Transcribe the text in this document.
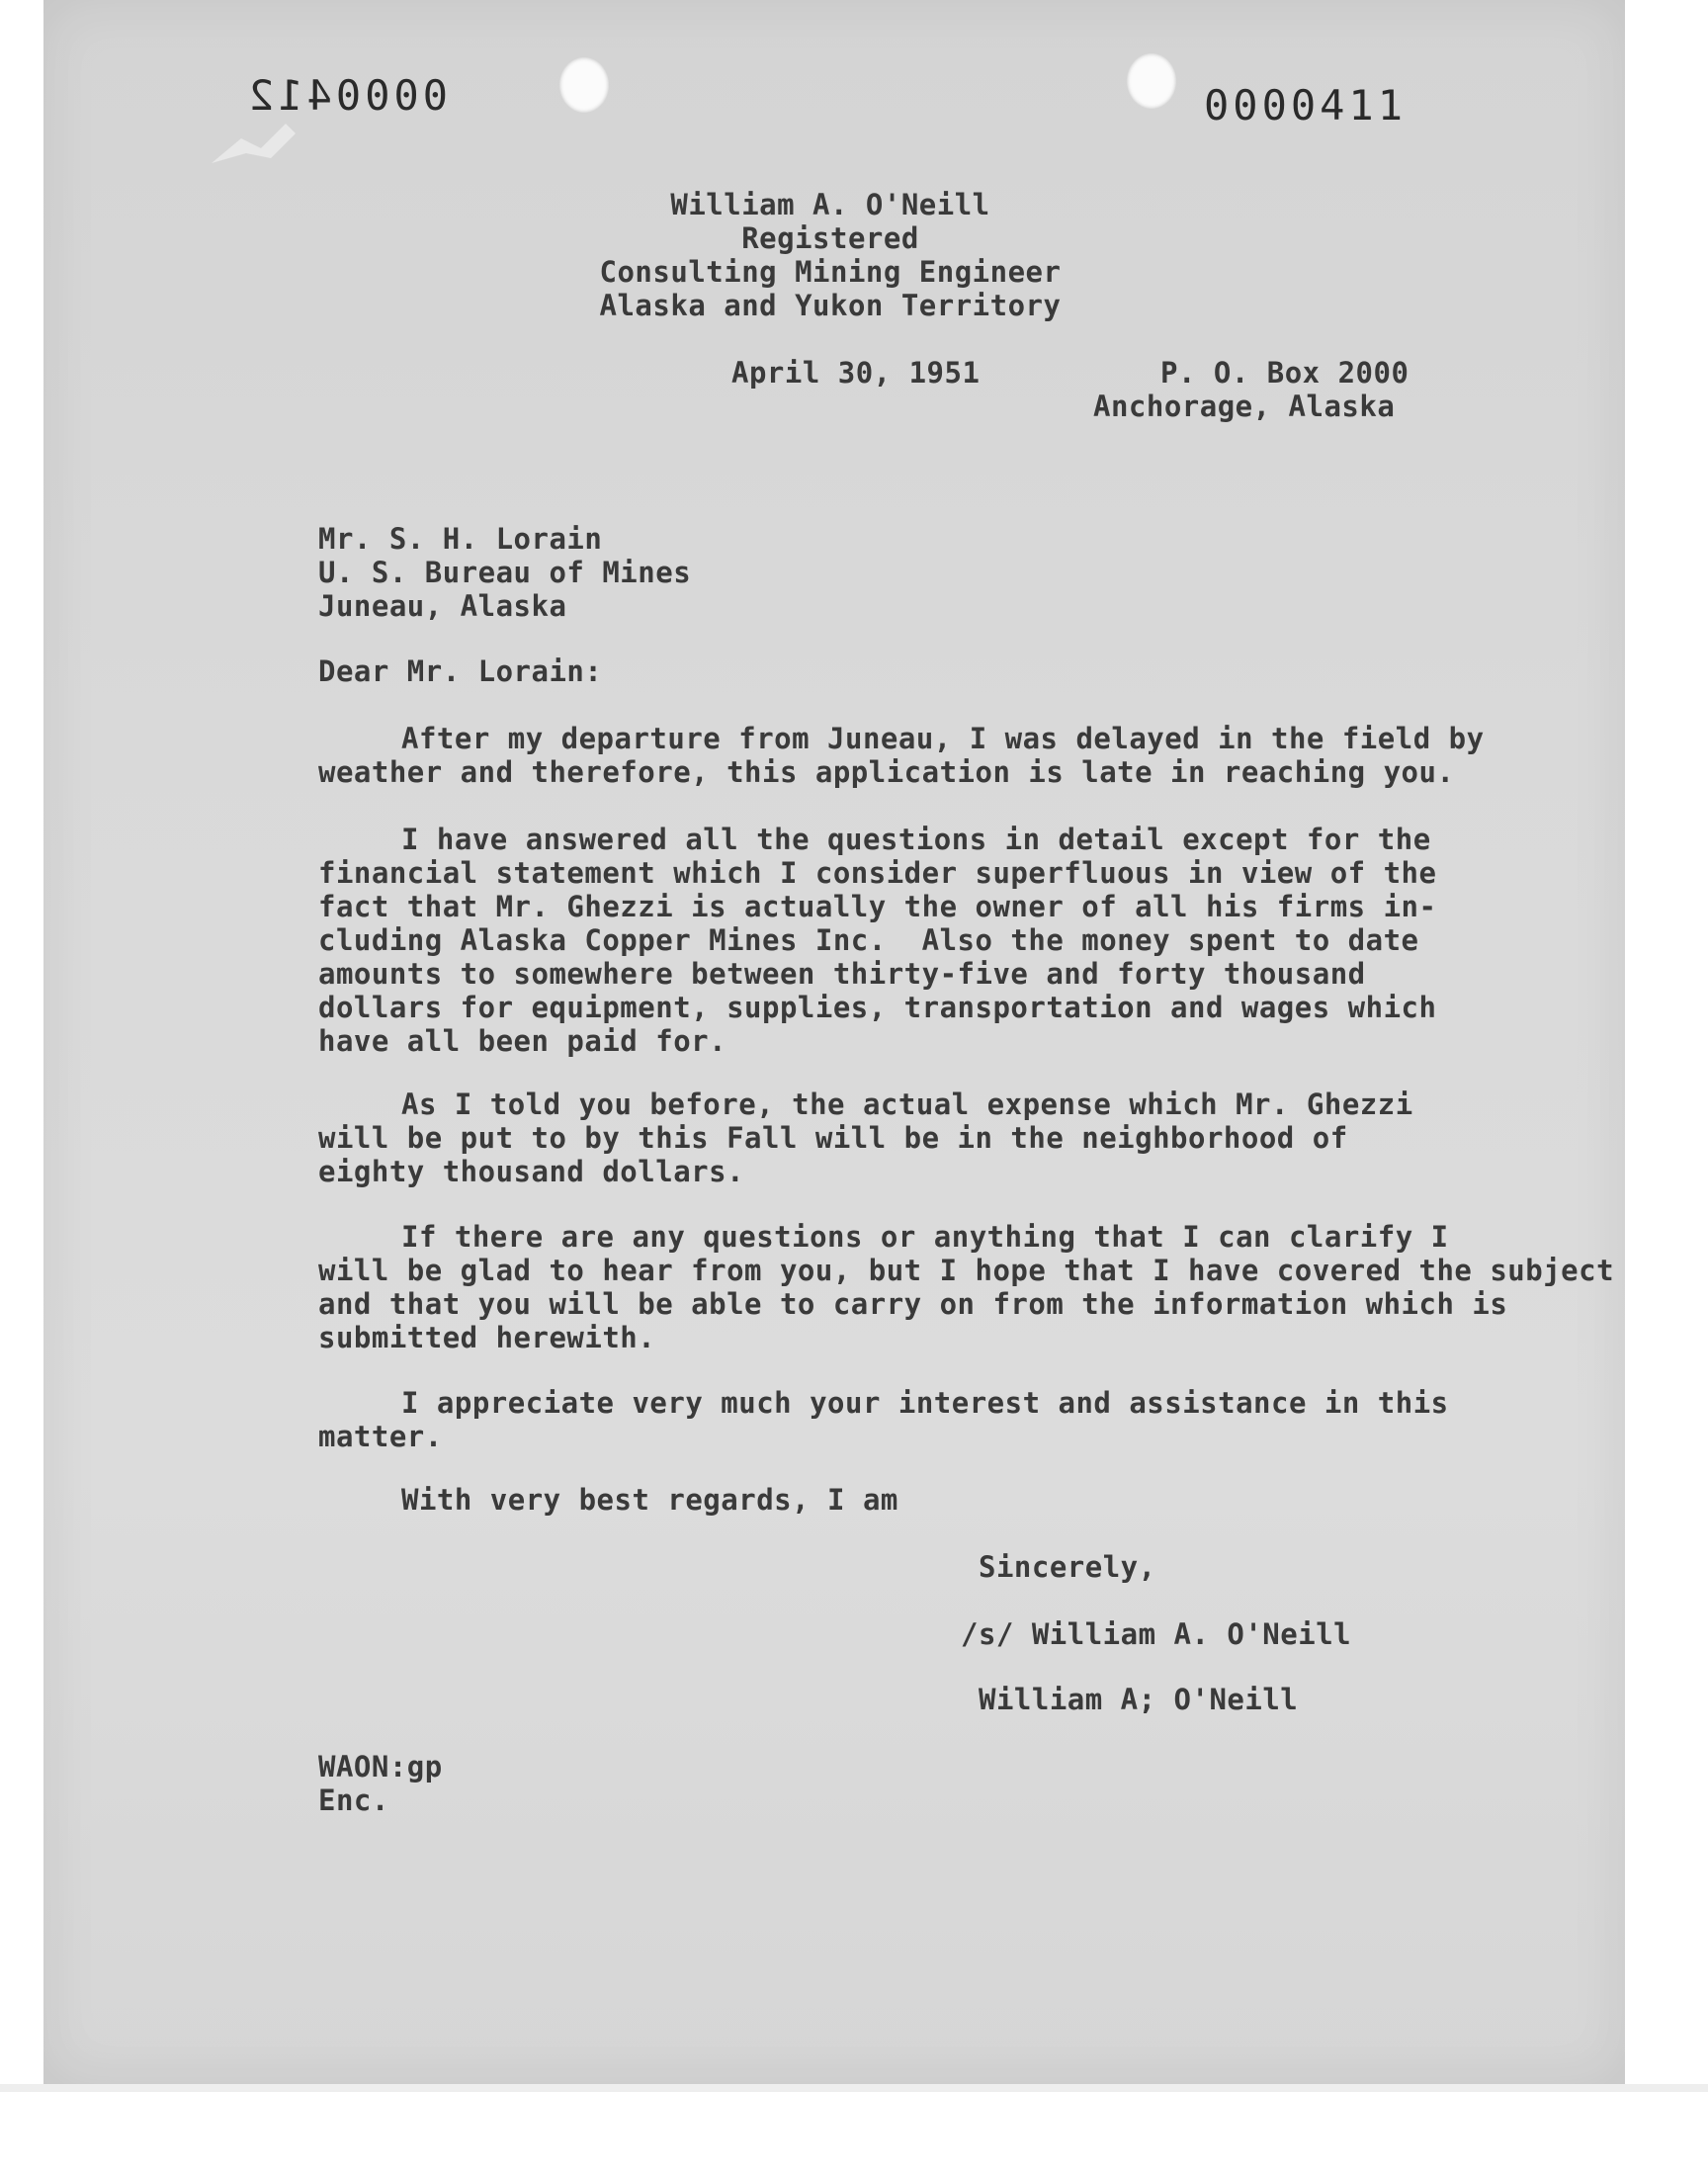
0000412	0000411
William A. O'Neill
Registered
Consulting Mining Engineer
Alaska and Yukon Territory
April 30, 1951	P. O. Box 2000
Anchorage, Alaska
Mr. S. H. Lorain
U. S. Bureau of Mines
Juneau, Alaska
Dear Mr. Lorain:
After my departure from Juneau, I was delayed in the field by
weather and therefore, this application is late in reaching you.
I have answered all the questions in detail except for the
financial statement which I consider superfluous in view of the
fact that Mr. Ghezzi is actually the owner of all his firms in-
cluding Alaska Copper Mines Inc.  Also the money spent to date
amounts to somewhere between thirty-five and forty thousand
dollars for equipment, supplies, transportation and wages which
have all been paid for.
As I told you before, the actual expense which Mr. Ghezzi
will be put to by this Fall will be in the neighborhood of
eighty thousand dollars.
If there are any questions or anything that I can clarify I
will be glad to hear from you, but I hope that I have covered the subject
and that you will be able to carry on from the information which is
submitted herewith.
I appreciate very much your interest and assistance in this
matter.
With very best regards, I am
Sincerely,
/s/ William A. O'Neill
William A; O'Neill
WAON:gp
Enc.
